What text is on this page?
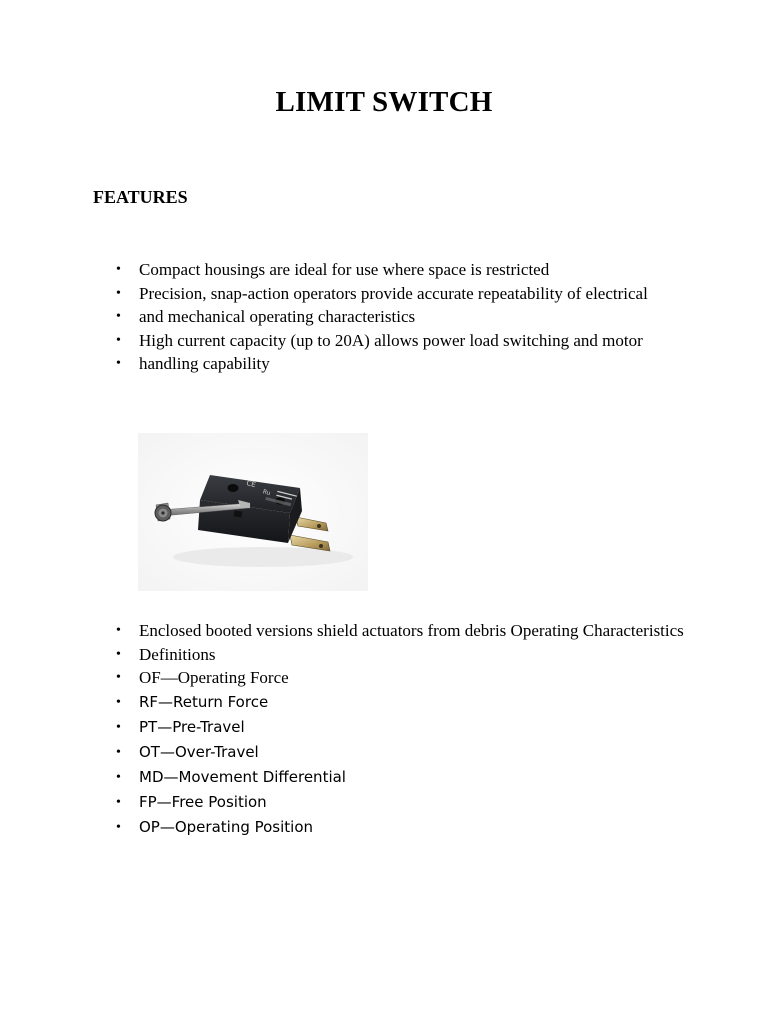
LIMIT SWITCH
FEATURES
• Compact housings are ideal for use where space is restricted
• Precision, snap-action operators provide accurate repeatability of electrical
• and mechanical operating characteristics
• High current capacity (up to 20A) allows power load switching and motor
• handling capability
CE
Ru
• Enclosed booted versions shield actuators from debris Operating Characteristics
• Definitions
• OF—Operating Force
•	RF—Return Force
•	PT—Pre-Travel
•	OT—Over-Travel
•	MD—Movement Differential
•	FP—Free Position
•	OP—Operating Position
